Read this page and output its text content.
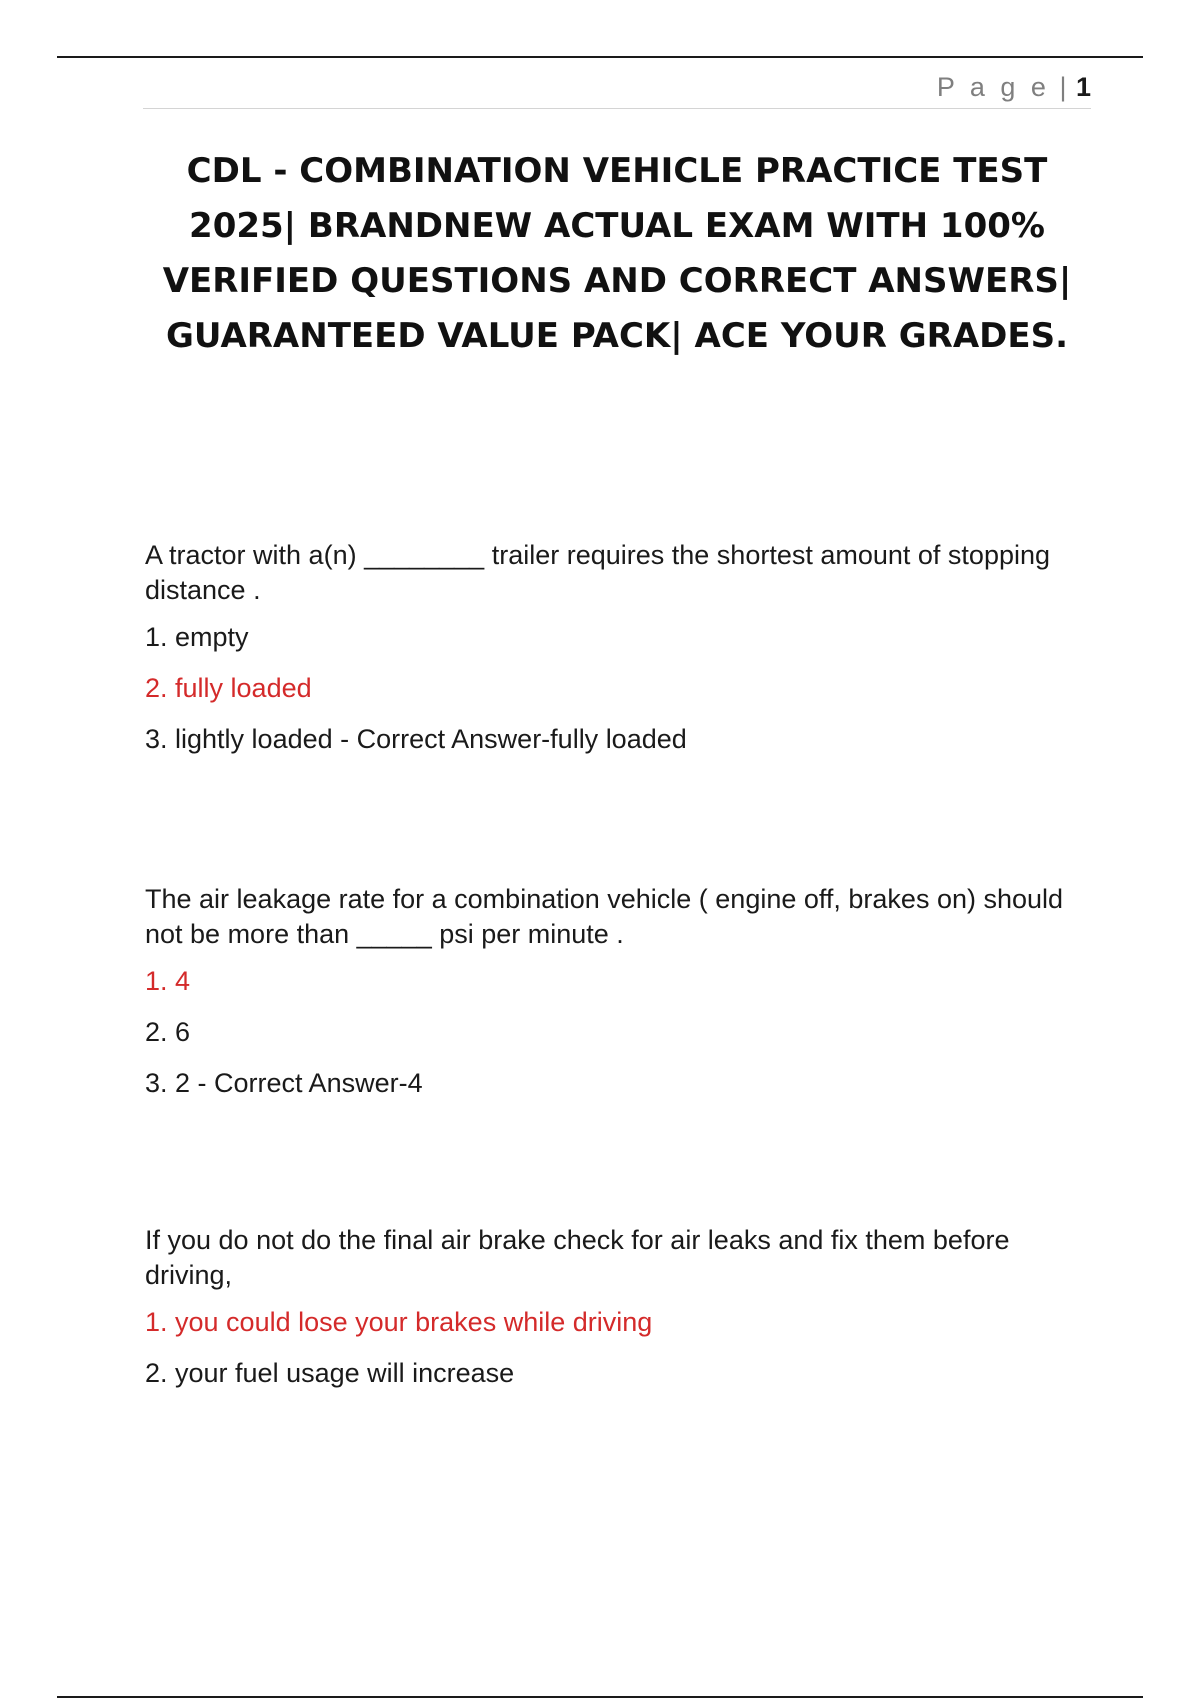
P a g e | 1
CDL - COMBINATION VEHICLE PRACTICE TEST 2025| BRANDNEW ACTUAL EXAM WITH 100% VERIFIED QUESTIONS AND CORRECT ANSWERS| GUARANTEED VALUE PACK| ACE YOUR GRADES.

A tractor with a(n) ________ trailer requires the shortest amount of stopping distance .

1. empty

2. fully loaded

3. lightly loaded - Correct Answer-fully loaded

The air leakage rate for a combination vehicle ( engine off, brakes on) should not be more than _____ psi per minute .

1. 4

2. 6

3. 2 - Correct Answer-4

If you do not do the final air brake check for air leaks and fix them before driving,

1. you could lose your brakes while driving

2. your fuel usage will increase
